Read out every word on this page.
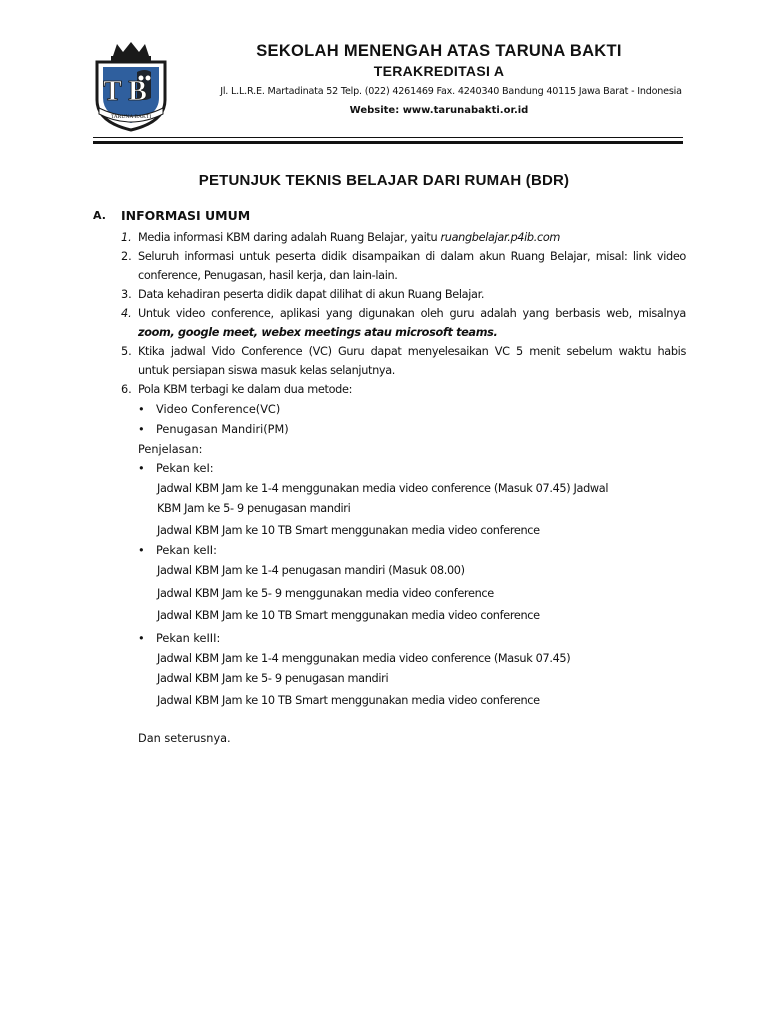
T B
TARUNA BAKTI
SEKOLAH MENENGAH ATAS TARUNA BAKTI
TERAKREDITASI A
Jl. L.L.R.E. Martadinata 52 Telp. (022) 4261469 Fax. 4240340 Bandung 40115 Jawa Barat - Indonesia
Website: www.tarunabakti.or.id
PETUNJUK TEKNIS BELAJAR DARI RUMAH (BDR)
A. INFORMASI UMUM
1. Media informasi KBM daring adalah Ruang Belajar, yaitu ruangbelajar.p4ib.com
2. Seluruh informasi untuk peserta didik disampaikan di dalam akun Ruang Belajar, misal: link video
conference, Penugasan, hasil kerja, dan lain-lain.
3. Data kehadiran peserta didik dapat dilihat di akun Ruang Belajar.
4. Untuk video conference, aplikasi yang digunakan oleh guru adalah yang berbasis web, misalnya
zoom, google meet, webex meetings atau microsoft teams.
5. Ktika jadwal Vido Conference (VC) Guru dapat menyelesaikan VC 5 menit sebelum waktu habis
untuk persiapan siswa masuk kelas selanjutnya.
6. Pola KBM terbagi ke dalam dua metode:
• Video Conference(VC)
• Penugasan Mandiri(PM)
Penjelasan:
• Pekan keI:
Jadwal KBM Jam ke 1-4 menggunakan media video conference (Masuk 07.45) Jadwal
KBM Jam ke 5- 9 penugasan mandiri
Jadwal KBM Jam ke 10 TB Smart menggunakan media video conference
• Pekan keII:
Jadwal KBM Jam ke 1-4 penugasan mandiri (Masuk 08.00)
Jadwal KBM Jam ke 5- 9 menggunakan media video conference
Jadwal KBM Jam ke 10 TB Smart menggunakan media video conference
• Pekan keIII:
Jadwal KBM Jam ke 1-4 menggunakan media video conference (Masuk 07.45)
Jadwal KBM Jam ke 5- 9 penugasan mandiri
Jadwal KBM Jam ke 10 TB Smart menggunakan media video conference
Dan seterusnya.
